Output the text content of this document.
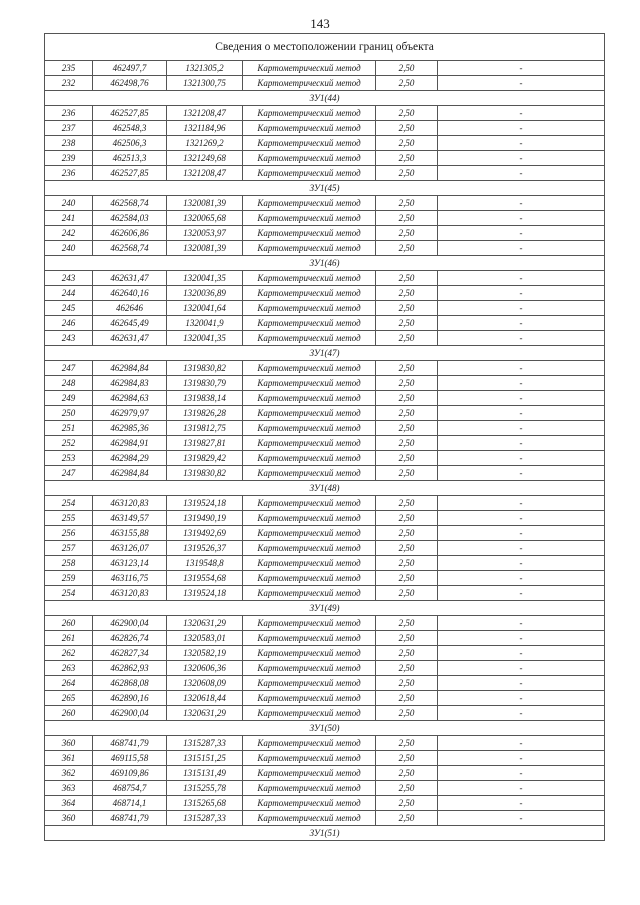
143
Сведения о местоположении границ объекта					
235	462497,7	1321305,2	Картометрический метод	2,50	-
232	462498,76	1321300,75	Картометрический метод	2,50	-
ЗУ1(44)					
236	462527,85	1321208,47	Картометрический метод	2,50	-
237	462548,3	1321184,96	Картометрический метод	2,50	-
238	462506,3	1321269,2	Картометрический метод	2,50	-
239	462513,3	1321249,68	Картометрический метод	2,50	-
236	462527,85	1321208,47	Картометрический метод	2,50	-
ЗУ1(45)					
240	462568,74	1320081,39	Картометрический метод	2,50	-
241	462584,03	1320065,68	Картометрический метод	2,50	-
242	462606,86	1320053,97	Картометрический метод	2,50	-
240	462568,74	1320081,39	Картометрический метод	2,50	-
ЗУ1(46)					
243	462631,47	1320041,35	Картометрический метод	2,50	-
244	462640,16	1320036,89	Картометрический метод	2,50	-
245	462646	1320041,64	Картометрический метод	2,50	-
246	462645,49	1320041,9	Картометрический метод	2,50	-
243	462631,47	1320041,35	Картометрический метод	2,50	-
ЗУ1(47)					
247	462984,84	1319830,82	Картометрический метод	2,50	-
248	462984,83	1319830,79	Картометрический метод	2,50	-
249	462984,63	1319838,14	Картометрический метод	2,50	-
250	462979,97	1319826,28	Картометрический метод	2,50	-
251	462985,36	1319812,75	Картометрический метод	2,50	-
252	462984,91	1319827,81	Картометрический метод	2,50	-
253	462984,29	1319829,42	Картометрический метод	2,50	-
247	462984,84	1319830,82	Картометрический метод	2,50	-
ЗУ1(48)					
254	463120,83	1319524,18	Картометрический метод	2,50	-
255	463149,57	1319490,19	Картометрический метод	2,50	-
256	463155,88	1319492,69	Картометрический метод	2,50	-
257	463126,07	1319526,37	Картометрический метод	2,50	-
258	463123,14	1319548,8	Картометрический метод	2,50	-
259	463116,75	1319554,68	Картометрический метод	2,50	-
254	463120,83	1319524,18	Картометрический метод	2,50	-
ЗУ1(49)					
260	462900,04	1320631,29	Картометрический метод	2,50	-
261	462826,74	1320583,01	Картометрический метод	2,50	-
262	462827,34	1320582,19	Картометрический метод	2,50	-
263	462862,93	1320606,36	Картометрический метод	2,50	-
264	462868,08	1320608,09	Картометрический метод	2,50	-
265	462890,16	1320618,44	Картометрический метод	2,50	-
260	462900,04	1320631,29	Картометрический метод	2,50	-
ЗУ1(50)					
360	468741,79	1315287,33	Картометрический метод	2,50	-
361	469115,58	1315151,25	Картометрический метод	2,50	-
362	469109,86	1315131,49	Картометрический метод	2,50	-
363	468754,7	1315255,78	Картометрический метод	2,50	-
364	468714,1	1315265,68	Картометрический метод	2,50	-
360	468741,79	1315287,33	Картометрический метод	2,50	-
ЗУ1(51)					
